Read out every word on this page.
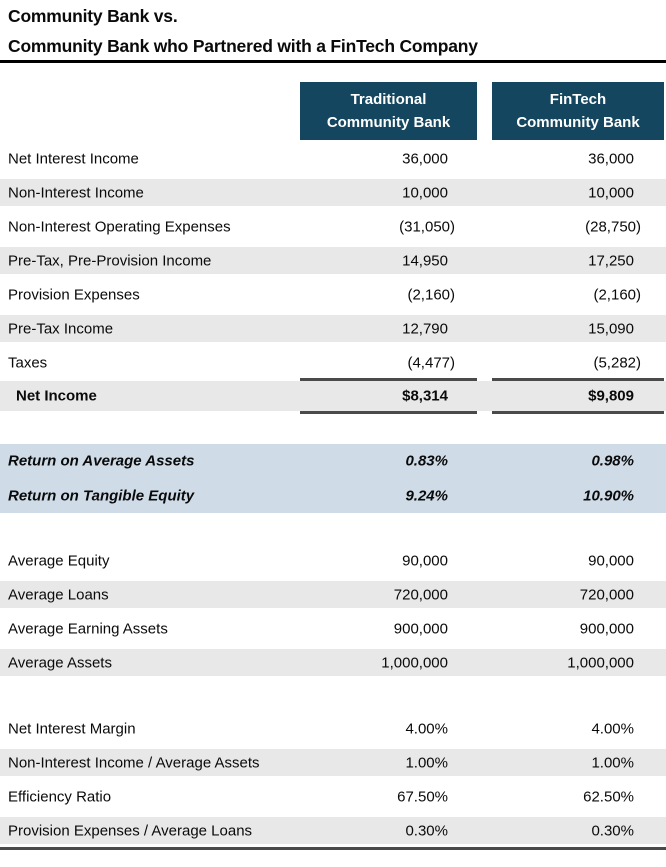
Community Bank vs.
Community Bank who Partnered with a FinTech Company
Traditional
Community Bank
FinTech
Community Bank
Net Interest Income	36,000	36,000
Non-Interest Income	10,000	10,000
Non-Interest Operating Expenses	(31,050)	(28,750)
Pre-Tax, Pre-Provision Income	14,950	17,250
Provision Expenses	(2,160)	(2,160)
Pre-Tax Income	12,790	15,090
Taxes	(4,477)	(5,282)
Net Income	$8,314	$9,809
Return on Average Assets	0.83%	0.98%
Return on Tangible Equity	9.24%	10.90%
Average Equity	90,000	90,000
Average Loans	720,000	720,000
Average Earning Assets	900,000	900,000
Average Assets	1,000,000	1,000,000
Net Interest Margin	4.00%	4.00%
Non-Interest Income / Average Assets	1.00%	1.00%
Efficiency Ratio	67.50%	62.50%
Provision Expenses / Average Loans	0.30%	0.30%
